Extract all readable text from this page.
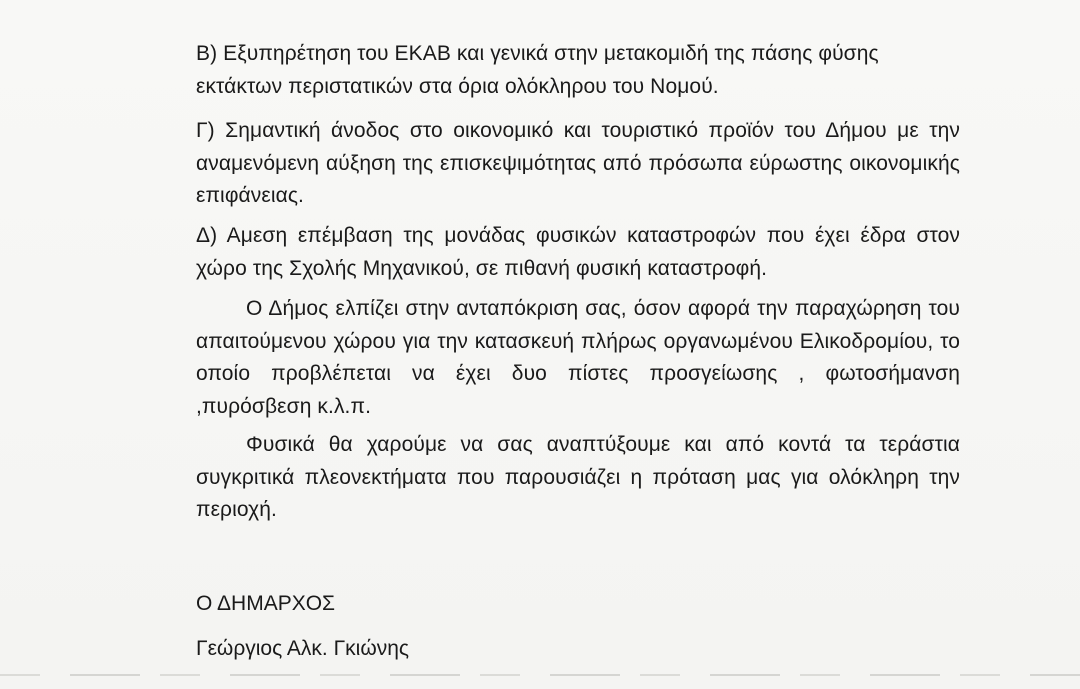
Β) Εξυπηρέτηση του ΕΚΑΒ και γενικά στην μετακομιδή της πάσης φύσης εκτάκτων περιστατικών στα όρια ολόκληρου του Νομού.

Γ) Σημαντική άνοδος στο οικονομικό και τουριστικό προϊόν του Δήμου με την αναμενόμενη αύξηση της επισκεψιμότητας από πρόσωπα εύρωστης οικονομικής επιφάνειας.

Δ) Αμεση επέμβαση της μονάδας φυσικών καταστροφών που έχει έδρα στον χώρο της Σχολής Μηχανικού, σε πιθανή φυσική καταστροφή.

Ο Δήμος ελπίζει στην ανταπόκριση σας, όσον αφορά την παραχώρηση του απαιτούμενου χώρου για την κατασκευή πλήρως οργανωμένου Ελικοδρομίου, το οποίο προβλέπεται να έχει δυο πίστες προσγείωσης , φωτοσήμανση ,πυρόσβεση κ.λ.π.

Φυσικά θα χαρούμε να σας αναπτύξουμε και από κοντά τα τεράστια συγκριτικά πλεονεκτήματα που παρουσιάζει η πρόταση μας για ολόκληρη την περιοχή.

Ο ΔΗΜΑΡΧΟΣ

Γεώργιος Αλκ. Γκιώνης
